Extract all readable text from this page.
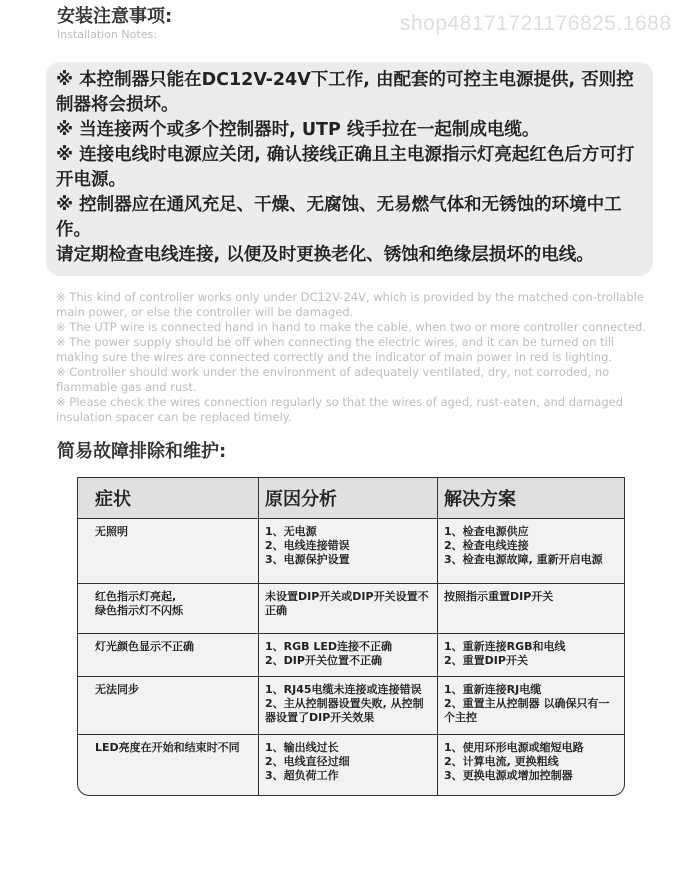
安装注意事项:
Installation Notes:

※ 本控制器只能在DC12V-24V下工作, 由配套的可控主电源提供, 否则控制器将会损坏。

※ 当连接两个或多个控制器时, UTP 线手拉在一起制成电缆。

※ 连接电线时电源应关闭, 确认接线正确且主电源指示灯亮起红色后方可打开电源。

※ 控制器应在通风充足、干燥、无腐蚀、无易燃气体和无锈蚀的环境中工作。

请定期检查电线连接, 以便及时更换老化、锈蚀和绝缘层损坏的电线。

※ This kind of controller works only under DC12V-24V, which is provided by the matched con-trollable main power, or else the controller will be damaged.

※ The UTP wire is connected hand in hand to make the cable, when two or more controller connected.

※ The power supply should be off when connecting the electric wires, and it can be turned on till making sure the wires are connected correctly and the indicator of main power in red is lighting.

※ Controller should work under the environment of adequately ventilated, dry, not corroded, no flammable gas and rust.

※ Please check the wires connection regularly so that the wires of aged, rust-eaten, and damaged insulation spacer can be replaced timely.

简易故障排除和维护:
症状	原因分析	解决方案
无照明	1、无电源
2、电线连接错误
3、电源保护设置	1、检查电源供应
2、检查电线连接
3、检查电源故障, 重新开启电源
红色指示灯亮起,
绿色指示灯不闪烁	未设置DIP开关或DIP开关设置不正确	按照指示重置DIP开关
灯光颜色显示不正确	1、RGB LED连接不正确
2、DIP开关位置不正确	1、重新连接RGB和电线
2、重置DIP开关
无法同步	1、RJ45电缆未连接或连接错误
2、主从控制器设置失败, 从控制器设置了DIP开关效果	1、重新连接RJ电缆
2、重置主从控制器 以确保只有一个主控
LED亮度在开始和结束时不同	1、输出线过长
2、电线直径过细
3、超负荷工作	1、使用环形电源或缩短电路
2、计算电流, 更换粗线
3、更换电源或增加控制器
shop48171721176825.1688
